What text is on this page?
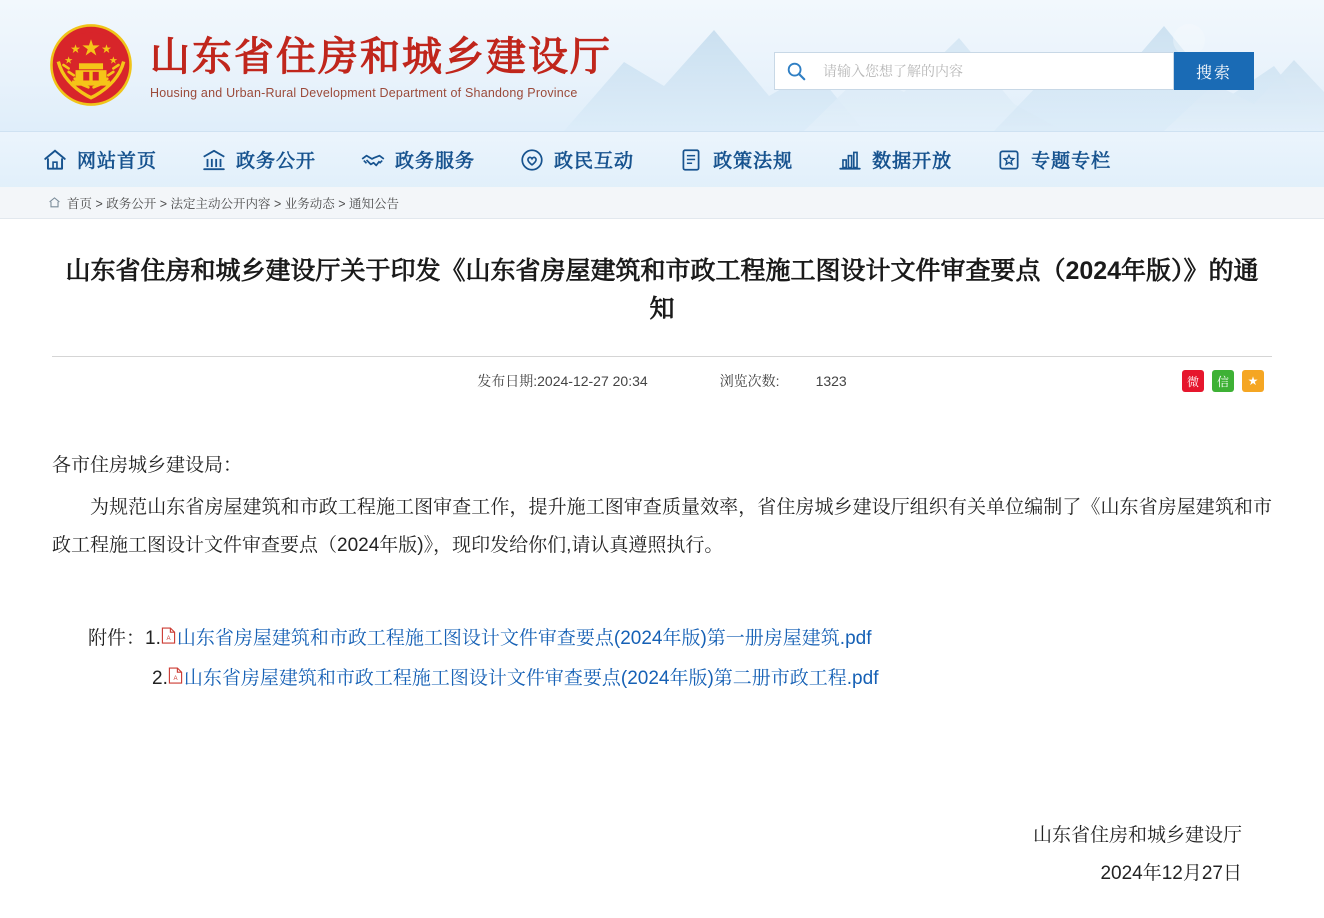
山东省住房和城乡建设厅
Housing and Urban-Rural Development Department of Shandong Province
请输入您想了解的内容
搜索
网站首页	政务公开	政务服务	政民互动	政策法规	数据开放	专题专栏
首页 > 政务公开 > 法定主动公开内容 > 业务动态 > 通知公告
山东省住房和城乡建设厅关于印发《山东省房屋建筑和市政工程施工图设计文件审查要点（2024年版）》的通知
发布日期:2024-12-27 20:34	浏览次数:	1323	微	信	★

各市住房城乡建设局：

为规范山东省房屋建筑和市政工程施工图审查工作，提升施工图审查质量效率，省住房城乡建设厅组织有关单位编制了《山东省房屋建筑和市政工程施工图设计文件审查要点（2024年版)》，现印发给你们,请认真遵照执行。

附件： 1. A 山东省房屋建筑和市政工程施工图设计文件审查要点(2024年版)第一册房屋建筑.pdf
2. A 山东省房屋建筑和市政工程施工图设计文件审查要点(2024年版)第二册市政工程.pdf
山东省住房和城乡建设厅
2024年12月27日
